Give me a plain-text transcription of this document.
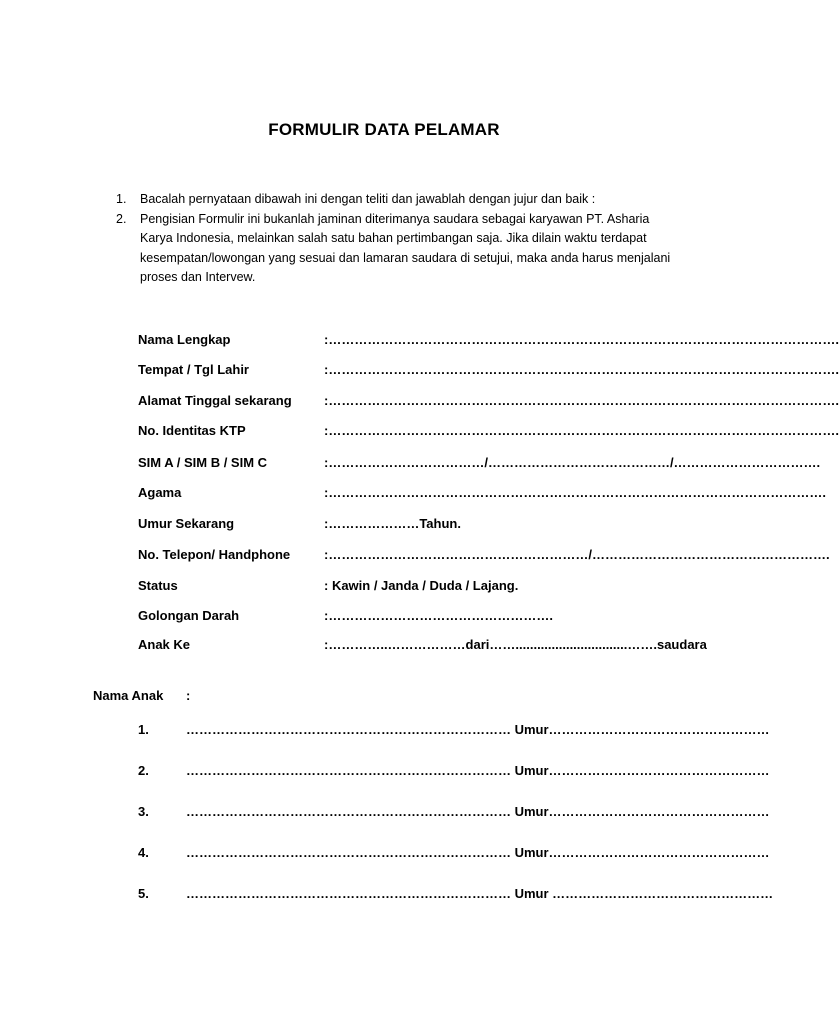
FORMULIR DATA PELAMAR
1.	Bacalah pernyataan dibawah ini dengan teliti dan jawablah dengan jujur dan baik :
2.	Pengisian Formulir ini bukanlah jaminan diterimanya saudara sebagai karyawan PT. Asharia Karya Indonesia, melainkan salah satu bahan pertimbangan saja. Jika dilain waktu terdapat kesempatan/lowongan yang sesuai dan lamaran saudara di setujui, maka anda harus menjalani proses dan Intervew.
Nama Lengkap	:……………………………………………………………………………………………………….
Tempat / Tgl Lahir	:……………………………………………………………………………………………………….
Alamat Tinggal sekarang :……………………………………………………………………………………………………….
No. Identitas KTP	:……………………………………………………………………………………………………….
SIM A / SIM B / SIM C	:………………………………/……………………………………/…………………………….
Agama	:…………………………………………………………………………………………………….
Umur Sekarang	:…………………Tahun.
No. Telepon/ Handphone	:……………………………………………………/……………………………………………….
Status	: Kawin / Janda / Duda / Lajang.
Golongan Darah	:…………………………………………….
Anak Ke	:…………..………………dari……...............................…….saudara
Nama Anak :
1.	………………………………………………………………… Umur……………………………………………
2.	………………………………………………………………… Umur……………………………………………
3.	………………………………………………………………… Umur……………………………………………
4.	………………………………………………………………… Umur……………………………………………
5.	………………………………………………………………… Umur ……………………………………………
